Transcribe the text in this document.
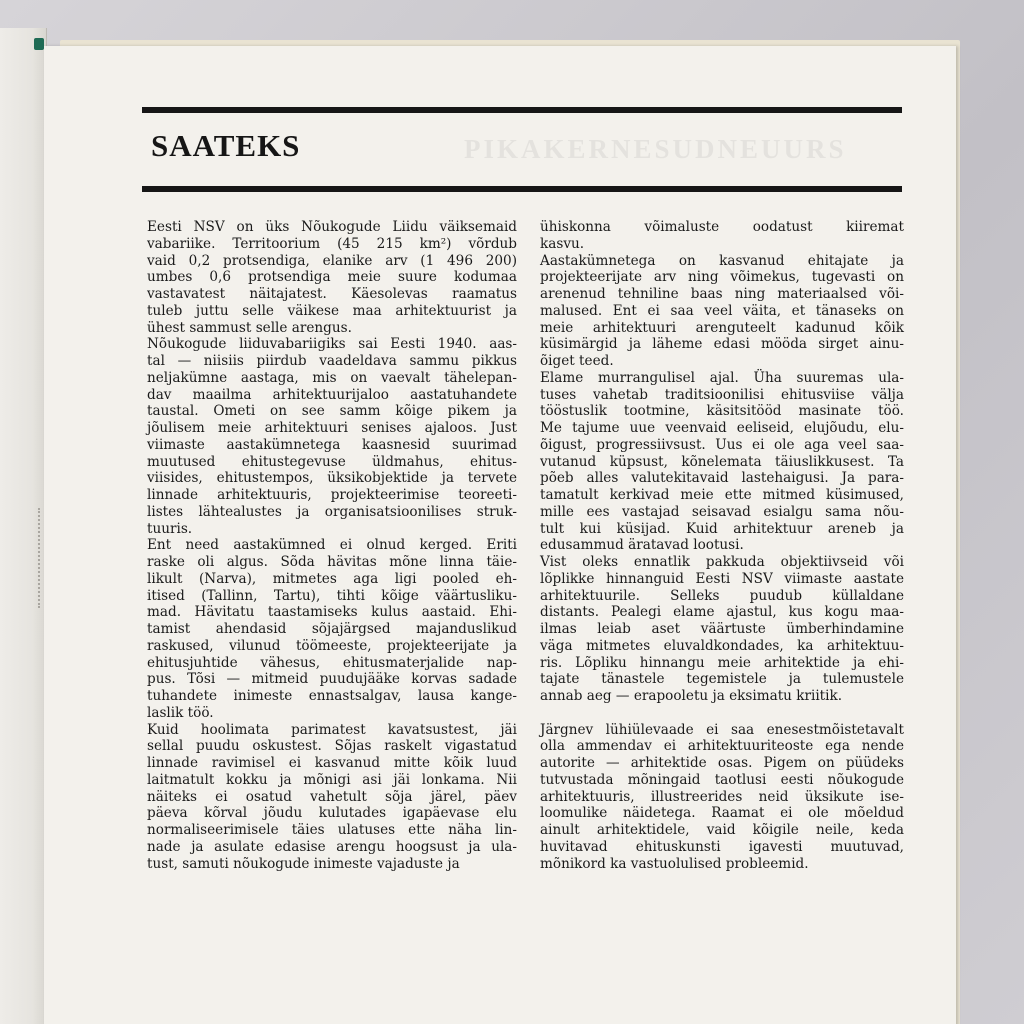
PIKAKERNESUDNEUURS
SAATEKS

Eesti NSV on üks Nõukogude Liidu väiksemaid
vabariike. Territoorium (45 215 km²) võrdub
vaid 0,2 protsendiga, elanike arv (1 496 200)
umbes 0,6 protsendiga meie suure kodumaa
vastavatest näitajatest. Käesolevas raamatus
tuleb juttu selle väikese maa arhitektuurist ja
ühest sammust selle arengus.

Nõukogude liiduvabariigiks sai Eesti 1940. aas-
tal — niisiis piirdub vaadeldava sammu pikkus
neljakümne aastaga, mis on vaevalt tähelepan-
dav maailma arhitektuurijaloo aastatuhandete
taustal. Ometi on see samm kõige pikem ja
jõulisem meie arhitektuuri senises ajaloos. Just
viimaste aastakümnetega kaasnesid suurimad
muutused ehitustegevuse üldmahus, ehitus-
viisides, ehitustempos, üksikobjektide ja tervete
linnade arhitektuuris, projekteerimise teoreeti-
listes lähtealustes ja organisatsioonilises struk-
tuuris.

Ent need aastakümned ei olnud kerged. Eriti
raske oli algus. Sõda hävitas mõne linna täie-
likult (Narva), mitmetes aga ligi pooled eh-
itised (Tallinn, Tartu), tihti kõige väärtusliku-
mad. Hävitatu taastamiseks kulus aastaid. Ehi-
tamist ahendasid sõjajärgsed majanduslikud
raskused, vilunud töömeeste, projekteerijate ja
ehitusjuhtide vähesus, ehitusmaterjalide nap-
pus. Tõsi — mitmeid puudujääke korvas sadade
tuhandete inimeste ennastsalgav, lausa kange-
laslik töö.

Kuid hoolimata parimatest kavatsustest, jäi
sellal puudu oskustest. Sõjas raskelt vigastatud
linnade ravimisel ei kasvanud mitte kõik luud
laitmatult kokku ja mõnigi asi jäi lonkama. Nii
näiteks ei osatud vahetult sõja järel, päev
päeva kõrval jõudu kulutades igapäevase elu
normaliseerimisele täies ulatuses ette näha lin-
nade ja asulate edasise arengu hoogsust ja ula-
tust, samuti nõukogude inimeste vajaduste ja

ühiskonna võimaluste oodatust kiiremat
kasvu.

Aastakümnetega on kasvanud ehitajate ja
projekteerijate arv ning võimekus, tugevasti on
arenenud tehniline baas ning materiaalsed või-
malused. Ent ei saa veel väita, et tänaseks on
meie arhitektuuri arenguteelt kadunud kõik
küsimärgid ja läheme edasi mööda sirget ainu-
õiget teed.

Elame murrangulisel ajal. Üha suuremas ula-
tuses vahetab traditsioonilisi ehitusviise välja
tööstuslik tootmine, käsitsitööd masinate töö.
Me tajume uue veenvaid eeliseid, elujõudu, elu-
õigust, progressiivsust. Uus ei ole aga veel saa-
vutanud küpsust, kõnelemata täiuslikkusest. Ta
põeb alles valutekitavaid lastehaigusi. Ja para-
tamatult kerkivad meie ette mitmed küsimused,
mille ees vastajad seisavad esialgu sama nõu-
tult kui küsijad. Kuid arhitektuur areneb ja
edusammud äratavad lootusi.

Vist oleks ennatlik pakkuda objektiivseid või
lõplikke hinnanguid Eesti NSV viimaste aastate
arhitektuurile. Selleks puudub küllaldane
distants. Pealegi elame ajastul, kus kogu maa-
ilmas leiab aset väärtuste ümberhindamine
väga mitmetes eluvaldkondades, ka arhitektuu-
ris. Lõpliku hinnangu meie arhitektide ja ehi-
tajate tänastele tegemistele ja tulemustele
annab aeg — erapooletu ja eksimatu kriitik.

Järgnev lühiülevaade ei saa enesestmõistetavalt
olla ammendav ei arhitektuuriteoste ega nende
autorite — arhitektide osas. Pigem on püüdeks
tutvustada mõningaid taotlusi eesti nõukogude
arhitektuuris, illustreerides neid üksikute ise-
loomulike näidetega. Raamat ei ole mõeldud
ainult arhitektidele, vaid kõigile neile, keda
huvitavad ehituskunsti igavesti muutuvad,
mõnikord ka vastuolulised probleemid.
